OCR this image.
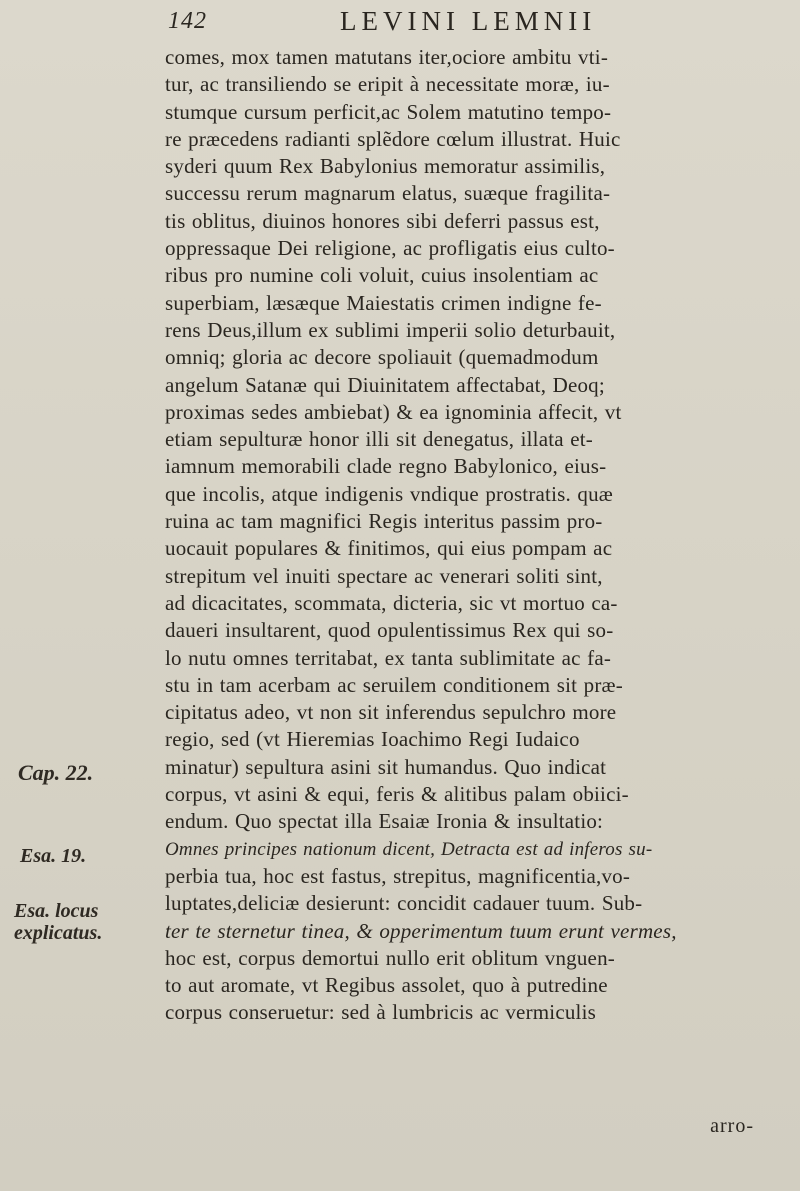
142	LEVINI LEMNII
Cap. 22.
Esa. 19.
Esa. locus explicatus.
comes, mox tamen matutans iter,ociore ambitu vti-
tur, ac transiliendo se eripit à necessitate moræ, iu-
stumque cursum perficit,ac Solem matutino tempo-
re præcedens radianti splẽdore cœlum illustrat. Huic
syderi quum Rex Babylonius memoratur assimilis,
successu rerum magnarum elatus, suæque fragilita-
tis oblitus, diuinos honores sibi deferri passus est,
oppressaque Dei religione, ac profligatis eius culto-
ribus pro numine coli voluit, cuius insolentiam ac
superbiam, læsæque Maiestatis crimen indigne fe-
rens Deus,illum ex sublimi imperii solio deturbauit,
omniq; gloria ac decore spoliauit (quemadmodum
angelum Satanæ qui Diuinitatem affectabat, Deoq;
proximas sedes ambiebat) & ea ignominia affecit, vt
etiam sepulturæ honor illi sit denegatus, illata et-
iamnum memorabili clade regno Babylonico, eius-
que incolis, atque indigenis vndique prostratis. quæ
ruina ac tam magnifici Regis interitus passim pro-
uocauit populares & finitimos, qui eius pompam ac
strepitum vel inuiti spectare ac venerari soliti sint,
ad dicacitates, scommata, dicteria, sic vt mortuo ca-
daueri insultarent, quod opulentissimus Rex qui so-
lo nutu omnes territabat, ex tanta sublimitate ac fa-
stu in tam acerbam ac seruilem conditionem sit præ-
cipitatus adeo, vt non sit inferendus sepulchro more
regio, sed (vt Hieremias Ioachimo Regi Iudaico
minatur) sepultura asini sit humandus. Quo indicat
corpus, vt asini & equi, feris & alitibus palam obiici-
endum. Quo spectat illa Esaiæ Ironia & insultatio:
Omnes principes nationum dicent, Detracta est ad inferos su-
perbia tua, hoc est fastus, strepitus, magnificentia,vo-
luptates,deliciæ desierunt: concidit cadauer tuum. Sub-
ter te sternetur tinea, & opperimentum tuum erunt vermes,
hoc est, corpus demortui nullo erit oblitum vnguen-
to aut aromate, vt Regibus assolet, quo à putredine
corpus conseruetur: sed à lumbricis ac vermiculis
arro-
